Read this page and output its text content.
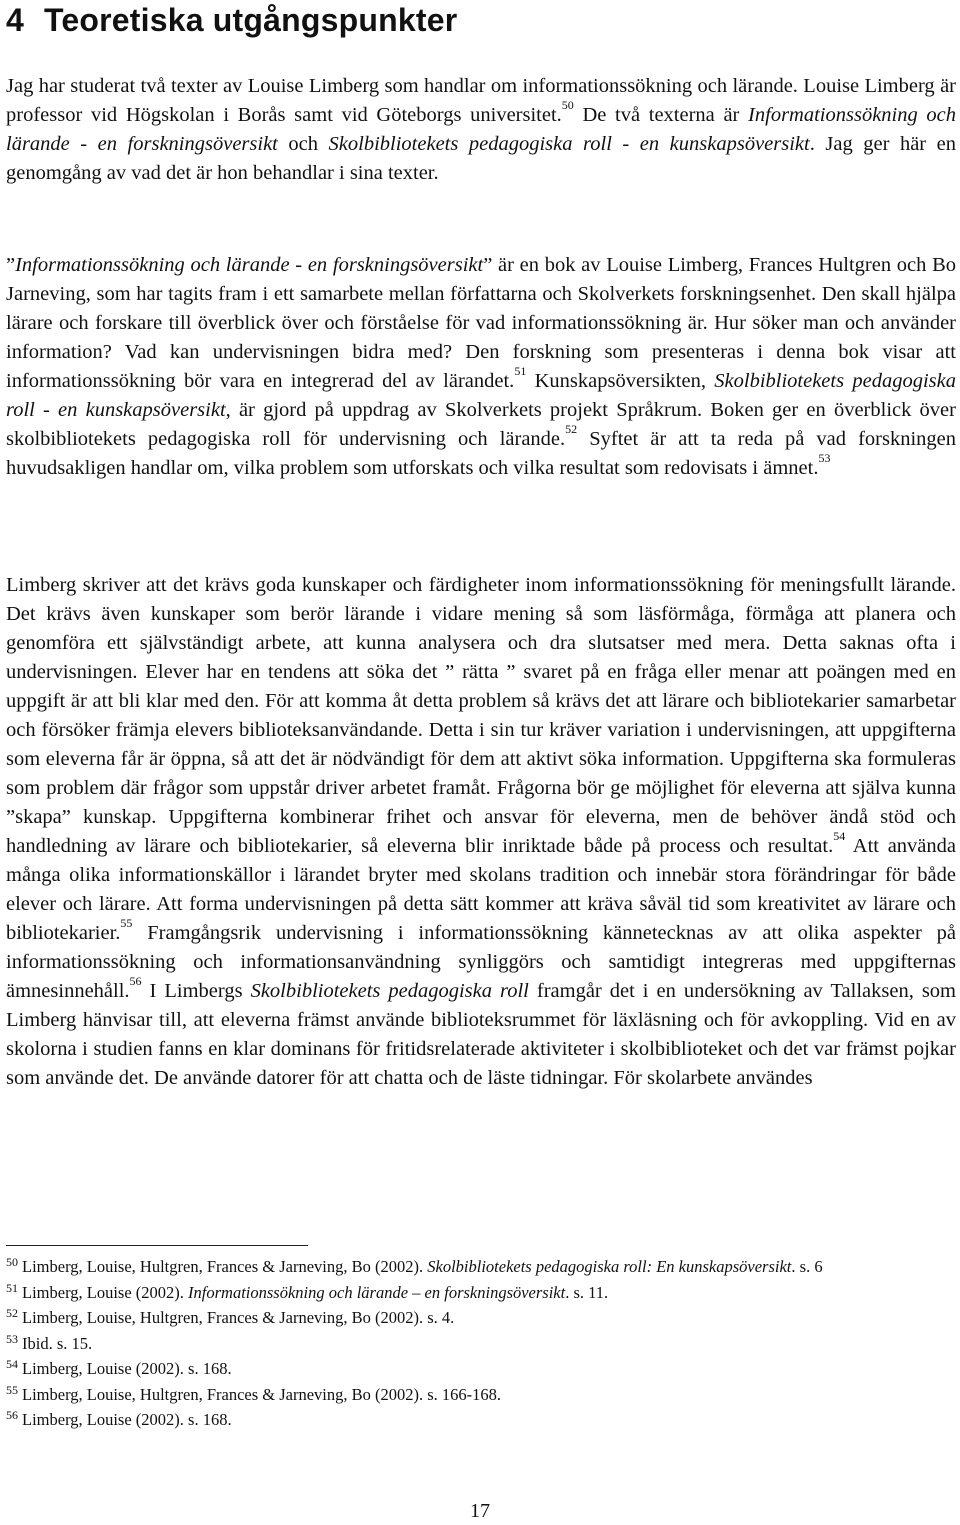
4 Teoretiska utgångspunkter

Jag har studerat två texter av Louise Limberg som handlar om informationssökning och lärande. Louise Limberg är professor vid Högskolan i Borås samt vid Göteborgs universitet.$^{50}$ De två texterna är Informationssökning och lärande - en forskningsöversikt och Skolbibliotekets pedagogiska roll - en kunskapsöversikt. Jag ger här en genomgång av vad det är hon behandlar i sina texter.

”Informationssökning och lärande - en forskningsöversikt” är en bok av Louise Limberg, Frances Hultgren och Bo Jarneving, som har tagits fram i ett samarbete mellan författarna och Skolverkets forskningsenhet. Den skall hjälpa lärare och forskare till överblick över och förståelse för vad informationssökning är. Hur söker man och använder information? Vad kan undervisningen bidra med? Den forskning som presenteras i denna bok visar att informationssökning bör vara en integrerad del av lärandet.$^{51}$ Kunskapsöversikten, Skolbibliotekets pedagogiska roll - en kunskapsöversikt, är gjord på uppdrag av Skolverkets projekt Språkrum. Boken ger en överblick över skolbibliotekets pedagogiska roll för undervisning och lärande.$^{52}$ Syftet är att ta reda på vad forskningen huvudsakligen handlar om, vilka problem som utforskats och vilka resultat som redovisats i ämnet.$^{53}$

Limberg skriver att det krävs goda kunskaper och färdigheter inom informationssökning för meningsfullt lärande. Det krävs även kunskaper som berör lärande i vidare mening så som läsförmåga, förmåga att planera och genomföra ett självständigt arbete, att kunna analysera och dra slutsatser med mera. Detta saknas ofta i undervisningen. Elever har en tendens att söka det ” rätta ” svaret på en fråga eller menar att poängen med en uppgift är att bli klar med den. För att komma åt detta problem så krävs det att lärare och bibliotekarier samarbetar och försöker främja elevers biblioteksanvändande. Detta i sin tur kräver variation i undervisningen, att uppgifterna som eleverna får är öppna, så att det är nödvändigt för dem att aktivt söka information. Uppgifterna ska formuleras som problem där frågor som uppstår driver arbetet framåt. Frågorna bör ge möjlighet för eleverna att själva kunna ”skapa” kunskap. Uppgifterna kombinerar frihet och ansvar för eleverna, men de behöver ändå stöd och handledning av lärare och bibliotekarier, så eleverna blir inriktade både på process och resultat.$^{54}$ Att använda många olika informationskällor i lärandet bryter med skolans tradition och innebär stora förändringar för både elever och lärare. Att forma undervisningen på detta sätt kommer att kräva såväl tid som kreativitet av lärare och bibliotekarier.$^{55}$ Framgångsrik undervisning i informationssökning kännetecknas av att olika aspekter på informationssökning och informationsanvändning synliggörs och samtidigt integreras med uppgifternas ämnesinnehåll.$^{56}$ I Limbergs Skolbibliotekets pedagogiska roll framgår det i en undersökning av Tallaksen, som Limberg hänvisar till, att eleverna främst använde biblioteksrummet för läxläsning och för avkoppling. Vid en av skolorna i studien fanns en klar dominans för fritidsrelaterade aktiviteter i skolbiblioteket och det var främst pojkar som använde det. De använde datorer för att chatta och de läste tidningar. För skolarbete användes

$^{50}$ Limberg, Louise, Hultgren, Frances & Jarneving, Bo (2002). Skolbibliotekets pedagogiska roll: En kunskapsöversikt. s. 6
$^{51}$ Limberg, Louise (2002). Informationssökning och lärande – en forskningsöversikt. s. 11.
$^{52}$ Limberg, Louise, Hultgren, Frances & Jarneving, Bo (2002). s. 4.
$^{53}$ Ibid. s. 15.
$^{54}$ Limberg, Louise (2002). s. 168.
$^{55}$ Limberg, Louise, Hultgren, Frances & Jarneving, Bo (2002). s. 166-168.
$^{56}$ Limberg, Louise (2002). s. 168.
17
